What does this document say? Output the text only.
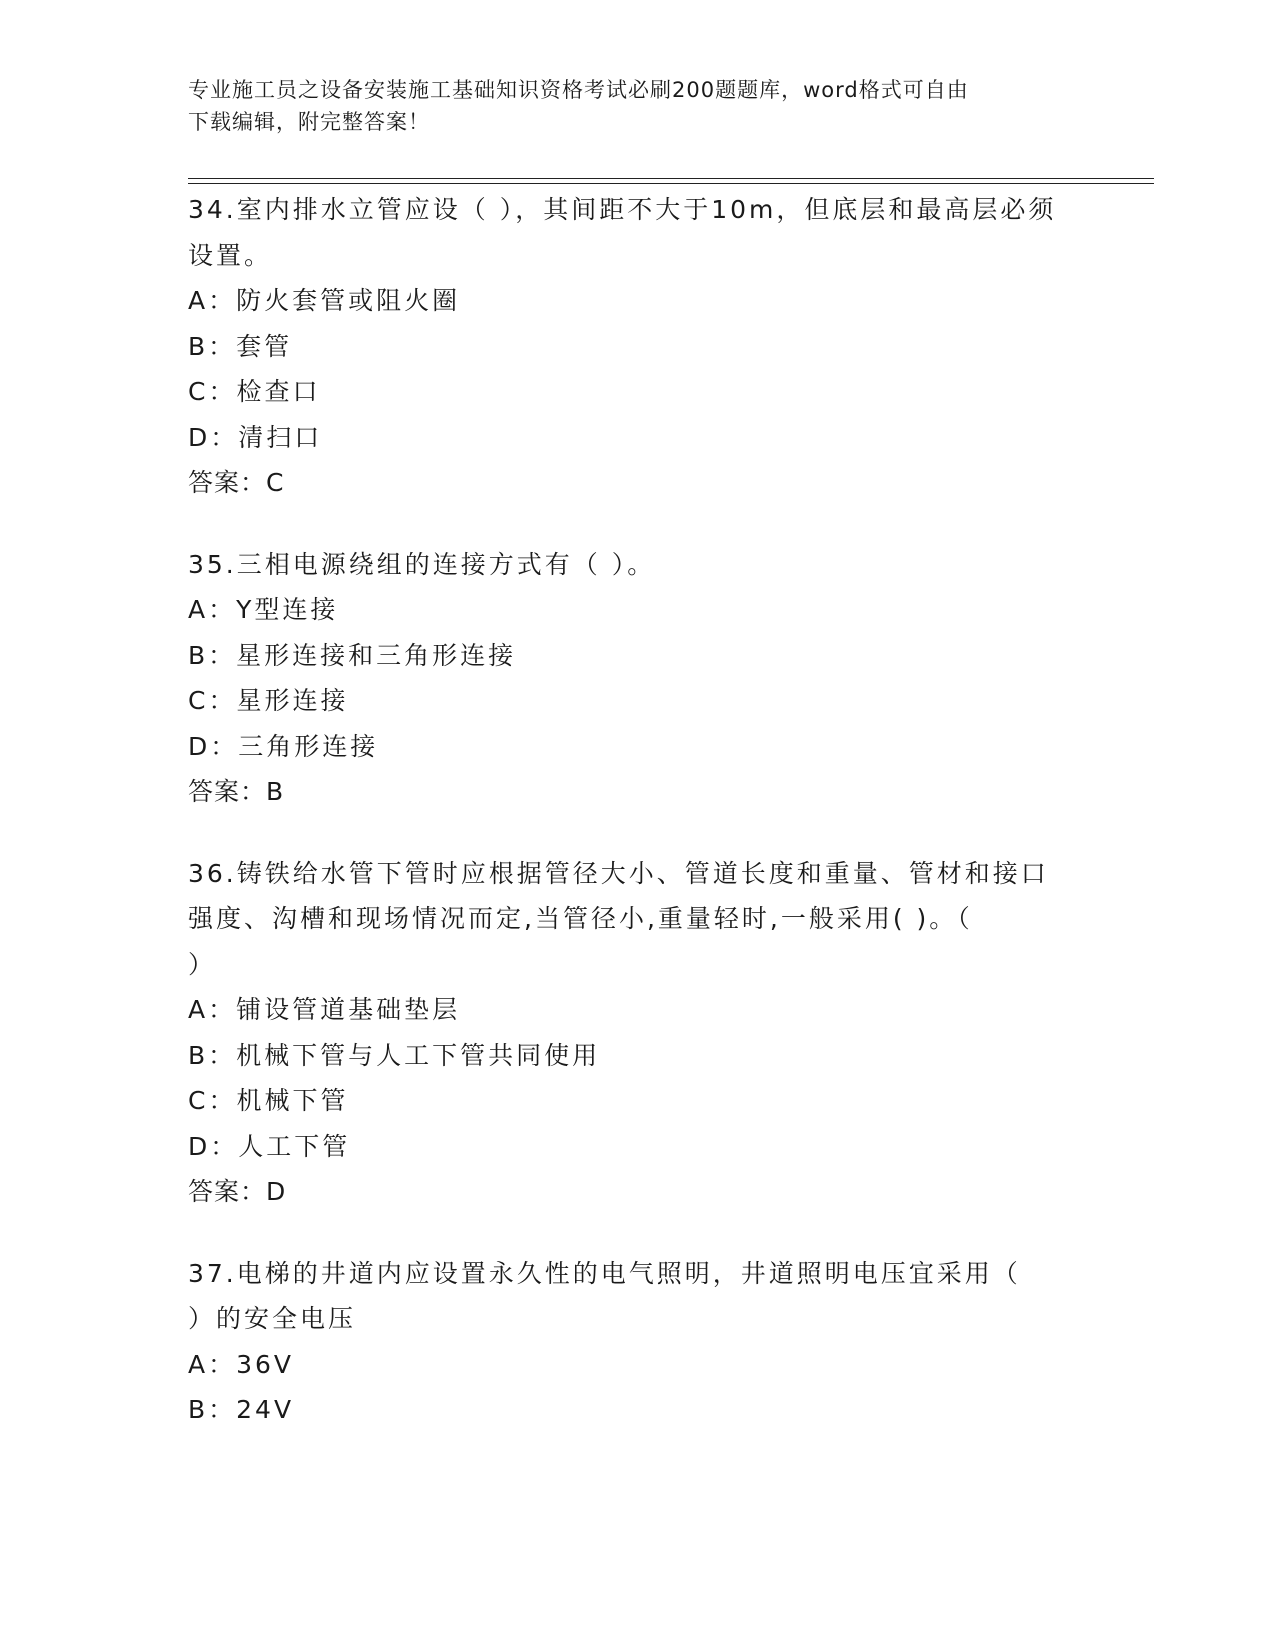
专业施工员之设备安装施工基础知识资格考试必刷200题题库，word格式可自由
下载编辑，附完整答案！
34.室内排水立管应设（ ），其间距不大于10m，但底层和最高层必须
设置。
A：防火套管或阻火圈
B：套管
C：检查口
D：清扫口
答案：C
35.三相电源绕组的连接方式有（ ）。
A：Y型连接
B：星形连接和三角形连接
C：星形连接
D：三角形连接
答案：B
36.铸铁给水管下管时应根据管径大小、管道长度和重量、管材和接口
强度、沟槽和现场情况而定,当管径小,重量轻时,一般采用( )。（
）
A：铺设管道基础垫层
B：机械下管与人工下管共同使用
C：机械下管
D：人工下管
答案：D
37.电梯的井道内应设置永久性的电气照明，井道照明电压宜采用（
）的安全电压
A：36V
B：24V
